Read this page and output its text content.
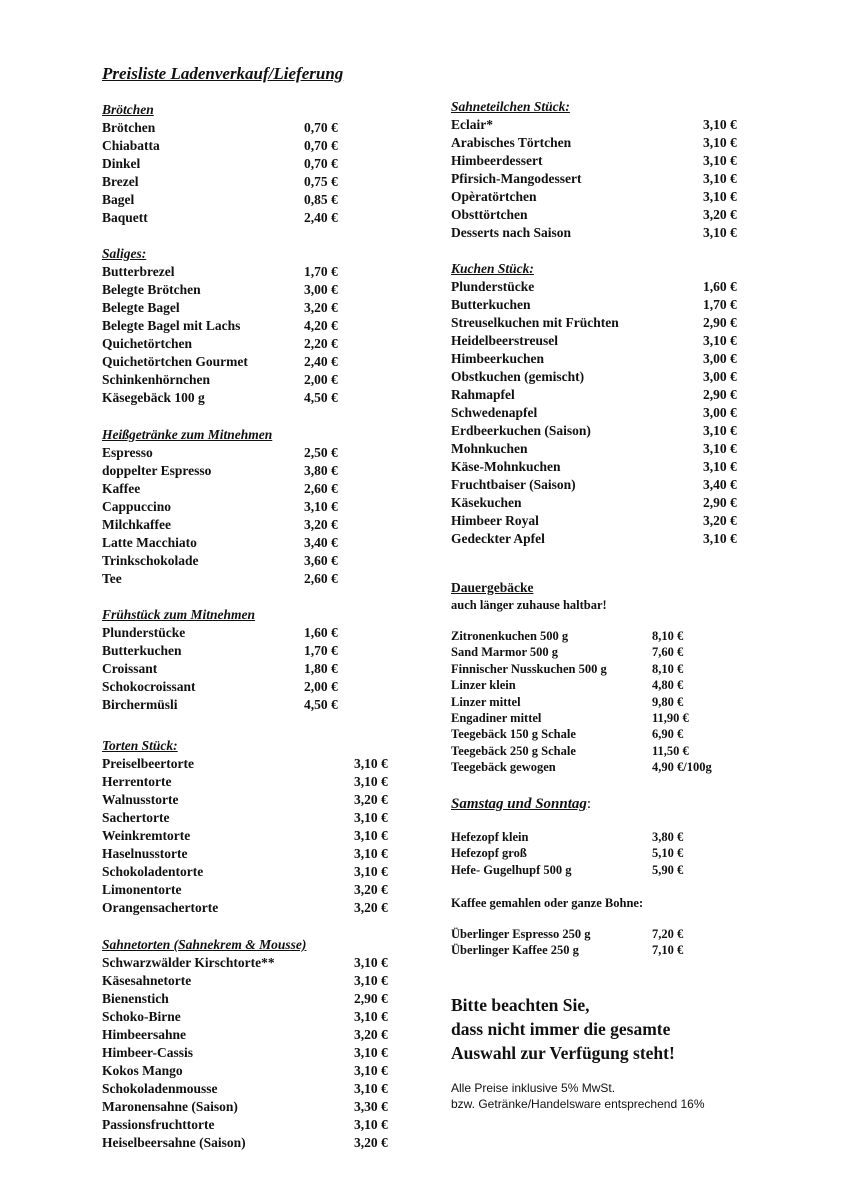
Preisliste Ladenverkauf/Lieferung
Brötchen
Brötchen	0,70 €
Chiabatta	0,70 €
Dinkel	0,70 €
Brezel	0,75 €
Bagel	0,85 €
Baquett	2,40 €
Saliges:
Butterbrezel	1,70 €
Belegte Brötchen	3,00 €
Belegte Bagel	3,20 €
Belegte Bagel mit Lachs	4,20 €
Quichetörtchen	2,20 €
Quichetörtchen Gourmet	2,40 €
Schinkenhörnchen	2,00 €
Käsegebäck 100 g	4,50 €
Heißgetränke zum Mitnehmen
Espresso	2,50 €
doppelter Espresso	3,80 €
Kaffee	2,60 €
Cappuccino	3,10 €
Milchkaffee	3,20 €
Latte Macchiato	3,40 €
Trinkschokolade	3,60 €
Tee	2,60 €
Frühstück zum Mitnehmen
Plunderstücke	1,60 €
Butterkuchen	1,70 €
Croissant	1,80 €
Schokocroissant	2,00 €
Birchermüsli	4,50 €
Torten Stück:
Preiselbeertorte	3,10 €
Herrentorte	3,10 €
Walnusstorte	3,20 €
Sachertorte	3,10 €
Weinkremtorte	3,10 €
Haselnusstorte	3,10 €
Schokoladentorte	3,10 €
Limonentorte	3,20 €
Orangensachertorte	3,20 €
Sahnetorten (Sahnekrem & Mousse)
Schwarzwälder Kirschtorte**	3,10 €
Käsesahnetorte	3,10 €
Bienenstich	2,90 €
Schoko-Birne	3,10 €
Himbeersahne	3,20 €
Himbeer-Cassis	3,10 €
Kokos Mango	3,10 €
Schokoladenmousse	3,10 €
Maronensahne (Saison)	3,30 €
Passionsfruchttorte	3,10 €
Heiselbeersahne (Saison)	3,20 €
Sahneteilchen Stück:
Eclair*	3,10 €
Arabisches Törtchen	3,10 €
Himbeerdessert	3,10 €
Pfirsich-Mangodessert	3,10 €
Opèratörtchen	3,10 €
Obsttörtchen	3,20 €
Desserts nach Saison	3,10 €
Kuchen Stück:
Plunderstücke	1,60 €
Butterkuchen	1,70 €
Streuselkuchen mit Früchten	2,90 €
Heidelbeerstreusel	3,10 €
Himbeerkuchen	3,00 €
Obstkuchen (gemischt)	3,00 €
Rahmapfel	2,90 €
Schwedenapfel	3,00 €
Erdbeerkuchen (Saison)	3,10 €
Mohnkuchen	3,10 €
Käse-Mohnkuchen	3,10 €
Fruchtbaiser (Saison)	3,40 €
Käsekuchen	2,90 €
Himbeer Royal	3,20 €
Gedeckter Apfel	3,10 €
Dauergebäcke
auch länger zuhause haltbar!
Zitronenkuchen 500 g	8,10 €
Sand Marmor 500 g	7,60 €
Finnischer Nusskuchen 500 g	8,10 €
Linzer klein	4,80 €
Linzer mittel	9,80 €
Engadiner mittel	11,90 €
Teegebäck 150 g Schale	6,90 €
Teegebäck 250 g Schale	11,50 €
Teegebäck gewogen	4,90 €/100g
Samstag und Sonntag:
Hefezopf klein	3,80 €
Hefezopf groß	5,10 €
Hefe- Gugelhupf 500 g	5,90 €
Kaffee gemahlen oder ganze Bohne:
Überlinger Espresso 250 g	7,20 €
Überlinger Kaffee 250 g	7,10 €
Bitte beachten Sie,
dass nicht immer die gesamte
Auswahl zur Verfügung steht!
Alle Preise inklusive 5% MwSt.
bzw. Getränke/Handelsware entsprechend 16%
